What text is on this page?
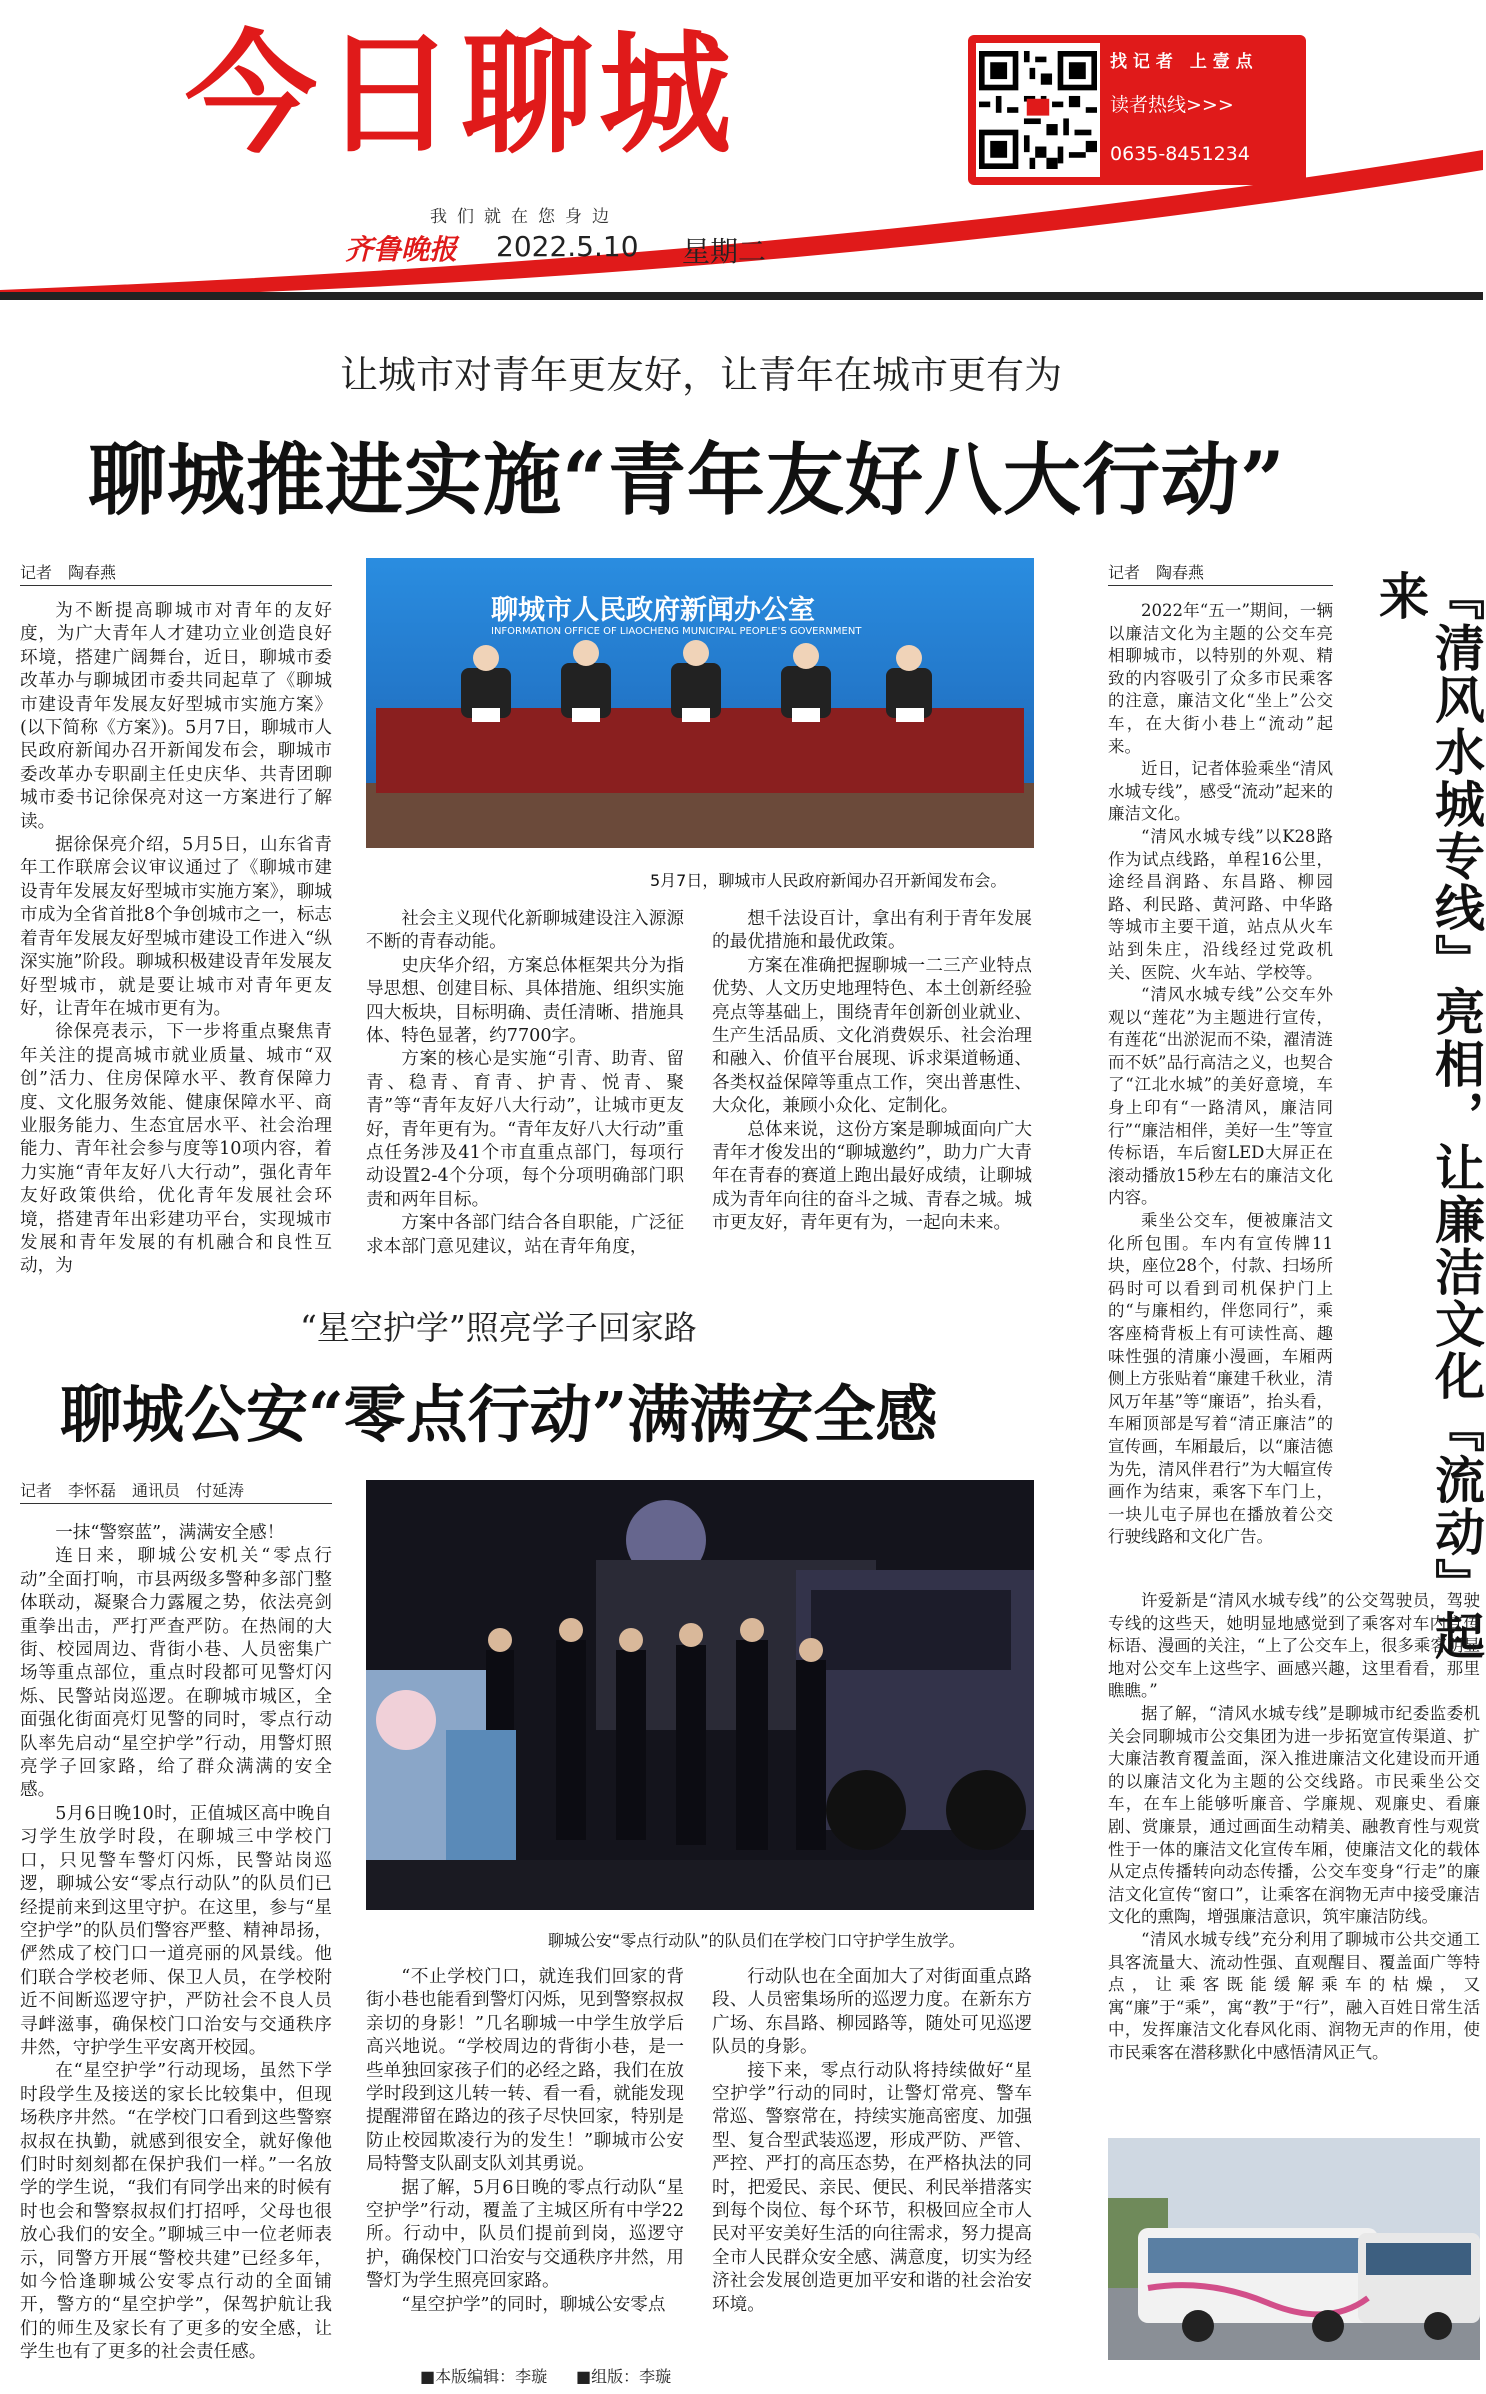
今日聊城
我们就在您身边
齐鲁晚报 2022.5.10 星期二
找 记 者　上 壹 点
读者热线>>>
0635-8451234
让城市对青年更友好，让青年在城市更有为
聊城推进实施“青年友好八大行动”
记者　陶春燕

为不断提高聊城市对青年的友好度，为广大青年人才建功立业创造良好环境，搭建广阔舞台，近日，聊城市委改革办与聊城团市委共同起草了《聊城市建设青年发展友好型城市实施方案》(以下简称《方案》)。5月7日，聊城市人民政府新闻办召开新闻发布会，聊城市委改革办专职副主任史庆华、共青团聊城市委书记徐保亮对这一方案进行了解读。

据徐保亮介绍，5月5日，山东省青年工作联席会议审议通过了《聊城市建设青年发展友好型城市实施方案》，聊城市成为全省首批8个争创城市之一，标志着青年发展友好型城市建设工作进入“纵深实施”阶段。聊城积极建设青年发展友好型城市，就是要让城市对青年更友好，让青年在城市更有为。

徐保亮表示，下一步将重点聚焦青年关注的提高城市就业质量、城市“双创”活力、住房保障水平、教育保障力度、文化服务效能、健康保障水平、商业服务能力、生态宜居水平、社会治理能力、青年社会参与度等10项内容，着力实施“青年友好八大行动”，强化青年友好政策供给，优化青年发展社会环境，搭建青年出彩建功平台，实现城市发展和青年发展的有机融合和良性互动，为

聊城市人民政府新闻办公室
INFORMATION OFFICE OF LIAOCHENG MUNICIPAL PEOPLE'S GOVERNMENT
5月7日，聊城市人民政府新闻办召开新闻发布会。

社会主义现代化新聊城建设注入源源不断的青春动能。

史庆华介绍，方案总体框架共分为指导思想、创建目标、具体措施、组织实施四大板块，目标明确、责任清晰、措施具体、特色显著，约7700字。

方案的核心是实施“引青、助青、留青、稳青、育青、护青、悦青、聚青”等“青年友好八大行动”，让城市更友好，青年更有为。“青年友好八大行动”重点任务涉及41个市直重点部门，每项行动设置2-4个分项，每个分项明确部门职责和两年目标。

方案中各部门结合各自职能，广泛征求本部门意见建议，站在青年角度，

想千法设百计，拿出有利于青年发展的最优措施和最优政策。

方案在准确把握聊城一二三产业特点优势、人文历史地理特色、本土创新经验亮点等基础上，围绕青年创新创业就业、生产生活品质、文化消费娱乐、社会治理和融入、价值平台展现、诉求渠道畅通、各类权益保障等重点工作，突出普惠性、大众化，兼顾小众化、定制化。

总体来说，这份方案是聊城面向广大青年才俊发出的“聊城邀约”，助力广大青年在青春的赛道上跑出最好成绩，让聊城成为青年向往的奋斗之城、青春之城。城市更友好，青年更有为，一起向未来。

“星空护学”照亮学子回家路
聊城公安“零点行动”满满安全感
记者　李怀磊　通讯员　付延涛

一抹“警察蓝”，满满安全感！

连日来，聊城公安机关“零点行动”全面打响，市县两级多警种多部门整体联动，凝聚合力露履之势，依法亮剑重拳出击，严打严查严防。在热闹的大街、校园周边、背街小巷、人员密集广场等重点部位，重点时段都可见警灯闪烁、民警站岗巡逻。在聊城市城区，全面强化街面亮灯见警的同时，零点行动队率先启动“星空护学”行动，用警灯照亮学子回家路，给了群众满满的安全感。

5月6日晚10时，正值城区高中晚自习学生放学时段，在聊城三中学校门口，只见警车警灯闪烁，民警站岗巡逻，聊城公安“零点行动队”的队员们已经提前来到这里守护。在这里，参与“星空护学”的队员们警容严整、精神昂扬，俨然成了校门口一道亮丽的风景线。他们联合学校老师、保卫人员，在学校附近不间断巡逻守护，严防社会不良人员寻衅滋事，确保校门口治安与交通秩序井然，守护学生平安离开校园。

在“星空护学”行动现场，虽然下学时段学生及接送的家长比较集中，但现场秩序井然。“在学校门口看到这些警察叔叔在执勤，就感到很安全，就好像他们时时刻刻都在保护我们一样。”一名放学的学生说，“我们有同学出来的时候有时也会和警察叔叔们打招呼，父母也很放心我们的安全。”聊城三中一位老师表示，同警方开展“警校共建”已经多年，如今恰逢聊城公安零点行动的全面铺开，警方的“星空护学”，保驾护航让我们的师生及家长有了更多的安全感，让学生也有了更多的社会责任感。

聊城公安“零点行动队”的队员们在学校门口守护学生放学。

“不止学校门口，就连我们回家的背街小巷也能看到警灯闪烁，见到警察叔叔亲切的身影！”几名聊城一中学生放学后高兴地说。“学校周边的背街小巷，是一些单独回家孩子们的必经之路，我们在放学时段到这儿转一转、看一看，就能发现提醒滞留在路边的孩子尽快回家，特别是防止校园欺凌行为的发生！”聊城市公安局特警支队副支队刘其勇说。

据了解，5月6日晚的零点行动队“星空护学”行动，覆盖了主城区所有中学22所。行动中，队员们提前到岗，巡逻守护，确保校门口治安与交通秩序井然，用警灯为学生照亮回家路。

“星空护学”的同时，聊城公安零点

行动队也在全面加大了对街面重点路段、人员密集场所的巡逻力度。在新东方广场、东昌路、柳园路等，随处可见巡逻队员的身影。

接下来，零点行动队将持续做好“星空护学”行动的同时，让警灯常亮、警车常巡、警察常在，持续实施高密度、加强型、复合型武装巡逻，形成严防、严管、严控、严打的高压态势，在严格执法的同时，把爱民、亲民、便民、利民举措落实到每个岗位、每个环节，积极回应全市人民对平安美好生活的向往需求，努力提高全市人民群众安全感、满意度，切实为经济社会发展创造更加平安和谐的社会治安环境。

记者　陶春燕	『清风水城专线』亮相，让廉洁文化『流动』起来

2022年“五一”期间，一辆以廉洁文化为主题的公交车亮相聊城市，以特别的外观、精致的内容吸引了众多市民乘客的注意，廉洁文化“坐上”公交车，在大街小巷上“流动”起来。

近日，记者体验乘坐“清风水城专线”，感受“流动”起来的廉洁文化。

“清风水城专线”以K28路作为试点线路，单程16公里，途经昌润路、东昌路、柳园路、利民路、黄河路、中华路等城市主要干道，站点从火车站到朱庄，沿线经过党政机关、医院、火车站、学校等。

“清风水城专线”公交车外观以“莲花”为主题进行宣传，有莲花“出淤泥而不染，濯清涟而不妖”品行高洁之义，也契合了“江北水城”的美好意境，车身上印有“一路清风，廉洁同行”“廉洁相伴，美好一生”等宣传标语，车后窗LED大屏正在滚动播放15秒左右的廉洁文化内容。

乘坐公交车，便被廉洁文化所包围。车内有宣传牌11块，座位28个，付款、扫场所码时可以看到司机保护门上的“与廉相约，伴您同行”，乘客座椅背板上有可读性高、趣味性强的清廉小漫画，车厢两侧上方张贴着“廉建千秋业，清风万年基”等“廉语”，抬头看，车厢顶部是写着“清正廉洁”的宣传画，车厢最后，以“廉洁德为先，清风伴君行”为大幅宣传画作为结束，乘客下车门上，一块儿屯子屏也在播放着公交行驶线路和文化广告。

许爱新是“清风水城专线”的公交驾驶员，驾驶专线的这些天，她明显地感觉到了乘客对车内宣传标语、漫画的关注，“上了公交车上，很多乘客明显地对公交车上这些字、画感兴趣，这里看看，那里瞧瞧。”

据了解，“清风水城专线”是聊城市纪委监委机关会同聊城市公交集团为进一步拓宽宣传渠道、扩大廉洁教育覆盖面，深入推进廉洁文化建设而开通的以廉洁文化为主题的公交线路。市民乘坐公交车，在车上能够听廉音、学廉规、观廉史、看廉剧、赏廉景，通过画面生动精美、融教育性与观赏性于一体的廉洁文化宣传车厢，使廉洁文化的载体从定点传播转向动态传播，公交车变身“行走”的廉洁文化宣传“窗口”，让乘客在润物无声中接受廉洁文化的熏陶，增强廉洁意识，筑牢廉洁防线。

“清风水城专线”充分利用了聊城市公共交通工具客流量大、流动性强、直观醒目、覆盖面广等特点，让乘客既能缓解乘车的枯燥，又寓“廉”于“乘”，寓“教”于“行”，融入百姓日常生活中，发挥廉洁文化春风化雨、润物无声的作用，使市民乘客在潜移默化中感悟清风正气。

■本版编辑：李璇 ■组版：李璇
